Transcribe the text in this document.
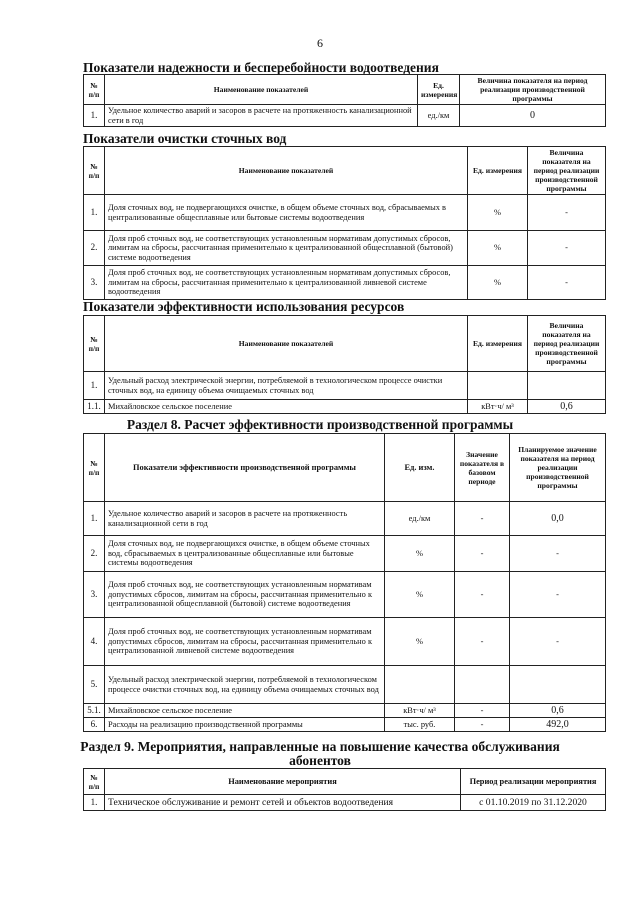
6
Показатели надежности и бесперебойности водоотведения
№ п/п	Наименование показателей	Ед. измерения	Величина показателя на период реализации производственной программы
1.	Удельное количество аварий и засоров в расчете на протяженность канализационной сети в год	ед./км	0
Показатели очистки сточных вод
№ п/п	Наименование показателей	Ед. измерения	Величина показателя на период реализации производственной программы
1.	Доля сточных вод, не подвергающихся очистке, в общем объеме сточных вод, сбрасываемых в централизованные общесплавные или бытовые системы водоотведения	%	-
2.	Доля проб сточных вод, не соответствующих установленным нормативам допустимых сбросов, лимитам на сбросы, рассчитанная применительно к централизованной общесплавной (бытовой) системе водоотведения	%	-
3.	Доля проб сточных вод, не соответствующих установленным нормативам допустимых сбросов, лимитам на сбросы, рассчитанная применительно к централизованной ливневой системе водоотведения	%	-
Показатели эффективности использования ресурсов
№ п/п	Наименование показателей	Ед. измерения	Величина показателя на период реализации производственной программы
1.	Удельный расход электрической энергии, потребляемой в технологическом процессе очистки сточных вод, на единицу объема очищаемых сточных вод		
1.1.	Михайловское сельское поселение	кВт·ч/ м³	0,6
Раздел 8. Расчет эффективности производственной программы
№ п/п	Показатели эффективности производственной программы	Ед. изм.	Значение показателя в базовом периоде	Планируемое значение показателя на период реализации производственной программы
1.	Удельное количество аварий и засоров в расчете на протяженность канализационной сети в год	ед./км	-	0,0
2.	Доля сточных вод, не подвергающихся очистке, в общем объеме сточных вод, сбрасываемых в централизованные общесплавные или бытовые системы водоотведения	%	-	-
3.	Доля проб сточных вод, не соответствующих установленным нормативам допустимых сбросов, лимитам на сбросы, рассчитанная применительно к централизованной общесплавной (бытовой) системе водоотведения	%	-	-
4.	Доля проб сточных вод, не соответствующих установленным нормативам допустимых сбросов, лимитам на сбросы, рассчитанная применительно к централизованной ливневой системе водоотведения	%	-	-
5.	Удельный расход электрической энергии, потребляемой в технологическом процессе очистки сточных вод, на единицу объема очищаемых сточных вод			
5.1.	Михайловское сельское поселение	кВт·ч/ м³	-	0,6
6.	Расходы на реализацию производственной программы	тыс. руб.	-	492,0
Раздел 9. Мероприятия, направленные на повышение качества обслуживания
абонентов
№ п/п	Наименование мероприятия	Период реализации мероприятия
1.	Техническое обслуживание и ремонт сетей и объектов водоотведения	с 01.10.2019 по 31.12.2020
